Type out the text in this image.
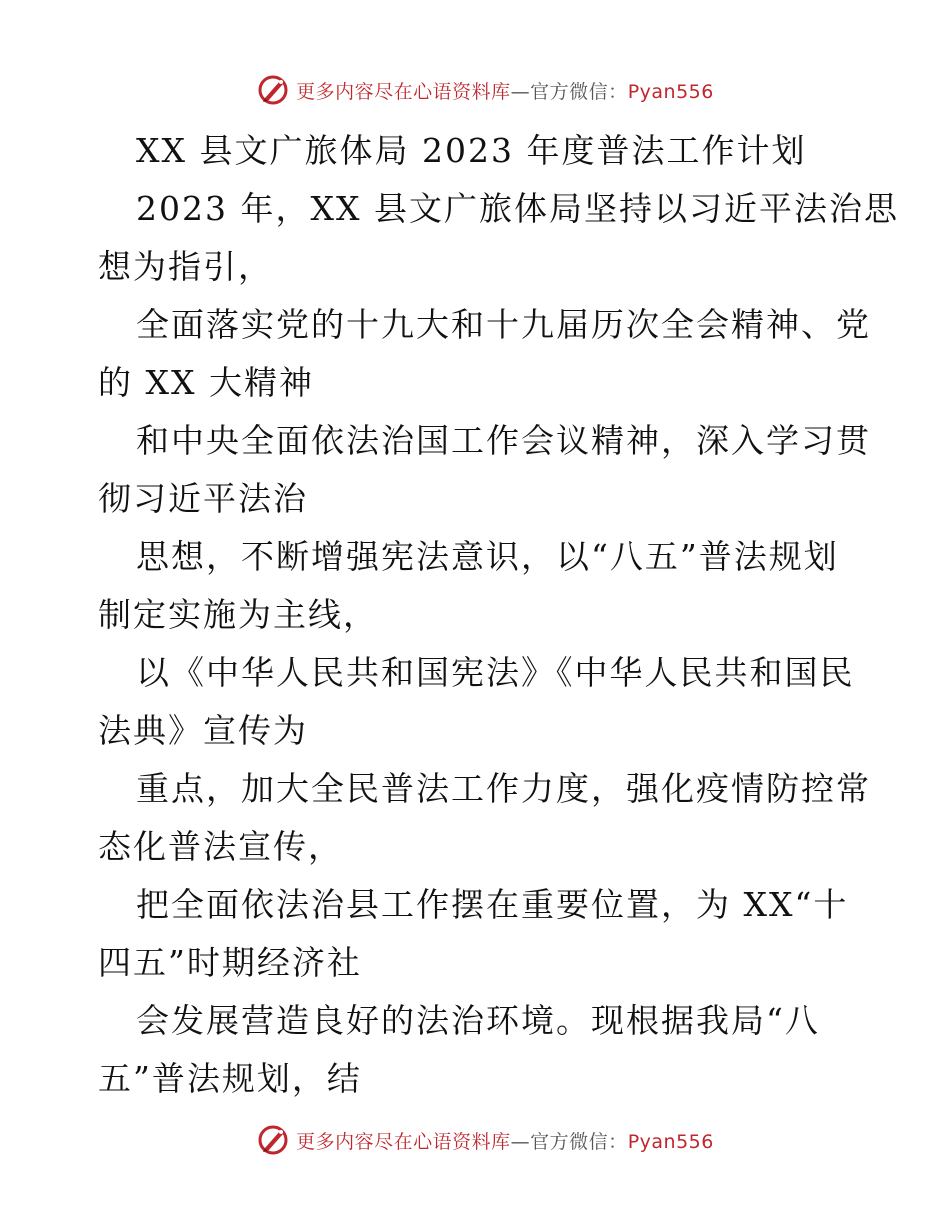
更多内容尽在心语资料库—官方微信：Pyan556
XX 县文广旅体局 2023 年度普法工作计划
2023 年，XX 县文广旅体局坚持以习近平法治思
想为指引，
全面落实党的十九大和十九届历次全会精神、党
的 XX 大精神
和中央全面依法治国工作会议精神，深入学习贯
彻习近平法治
思想，不断增强宪法意识，以“八五”普法规划
制定实施为主线，
以《中华人民共和国宪法》《中华人民共和国民
法典》宣传为
重点，加大全民普法工作力度，强化疫情防控常
态化普法宣传，
把全面依法治县工作摆在重要位置，为 XX“十
四五”时期经济社
会发展营造良好的法治环境。现根据我局“八
五”普法规划，结
更多内容尽在心语资料库—官方微信：Pyan556
